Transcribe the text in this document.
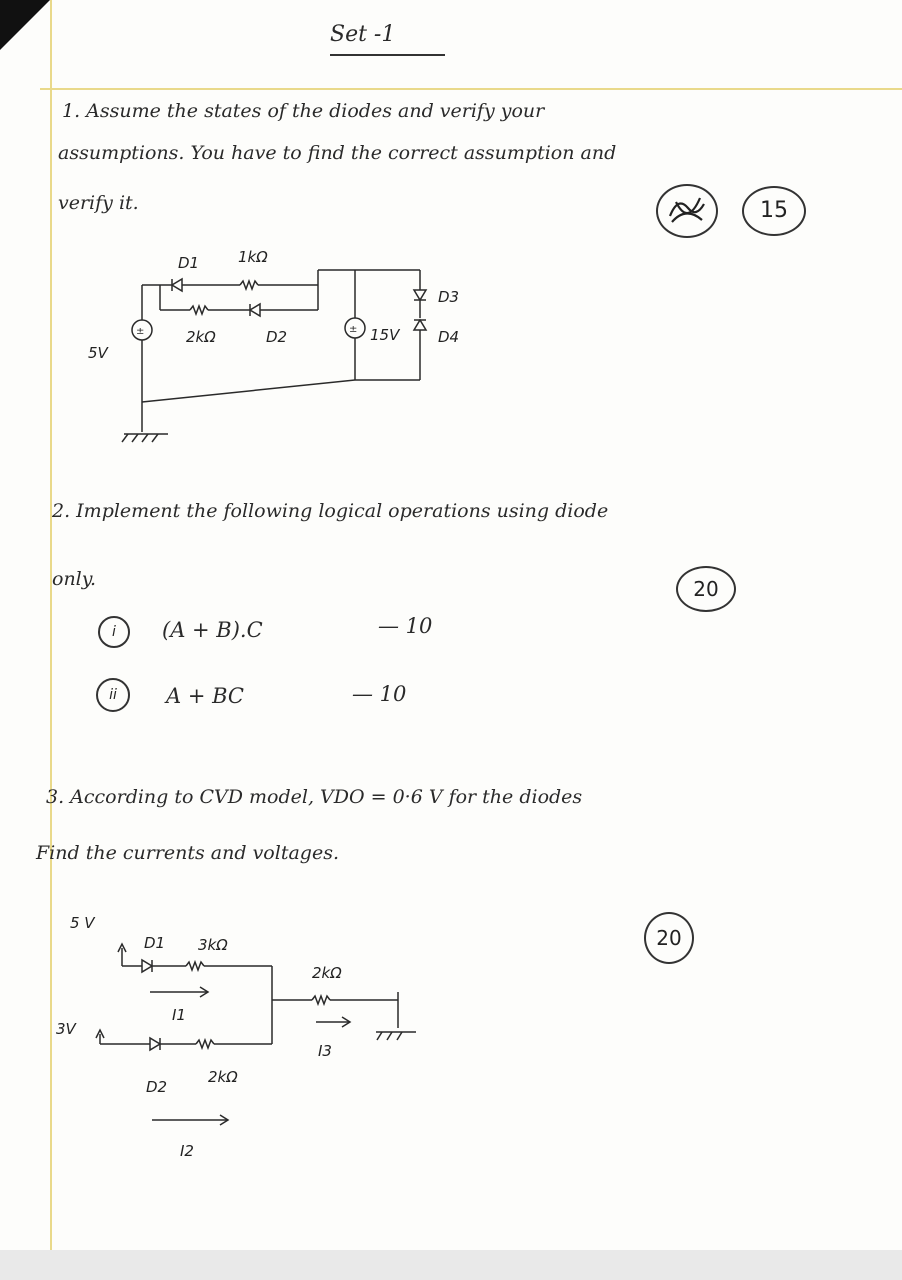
Set -1
1. Assume the states of the diodes and verify your
assumptions. You have to find the correct assumption and
verify it.	15
±	±
D1	1kΩ
2kΩ	D2
D3
D4
5V
15V
2. Implement the following logical operations using diode
only.	20
i	(A + B).C	— 10
ii	A + BC	— 10
3. According to CVD model, VDO = 0·6 V for the diodes
Find the currents and voltages.
20
5 V
D1 3kΩ
I1
3V
D2
2kΩ
2kΩ
I3
I2
